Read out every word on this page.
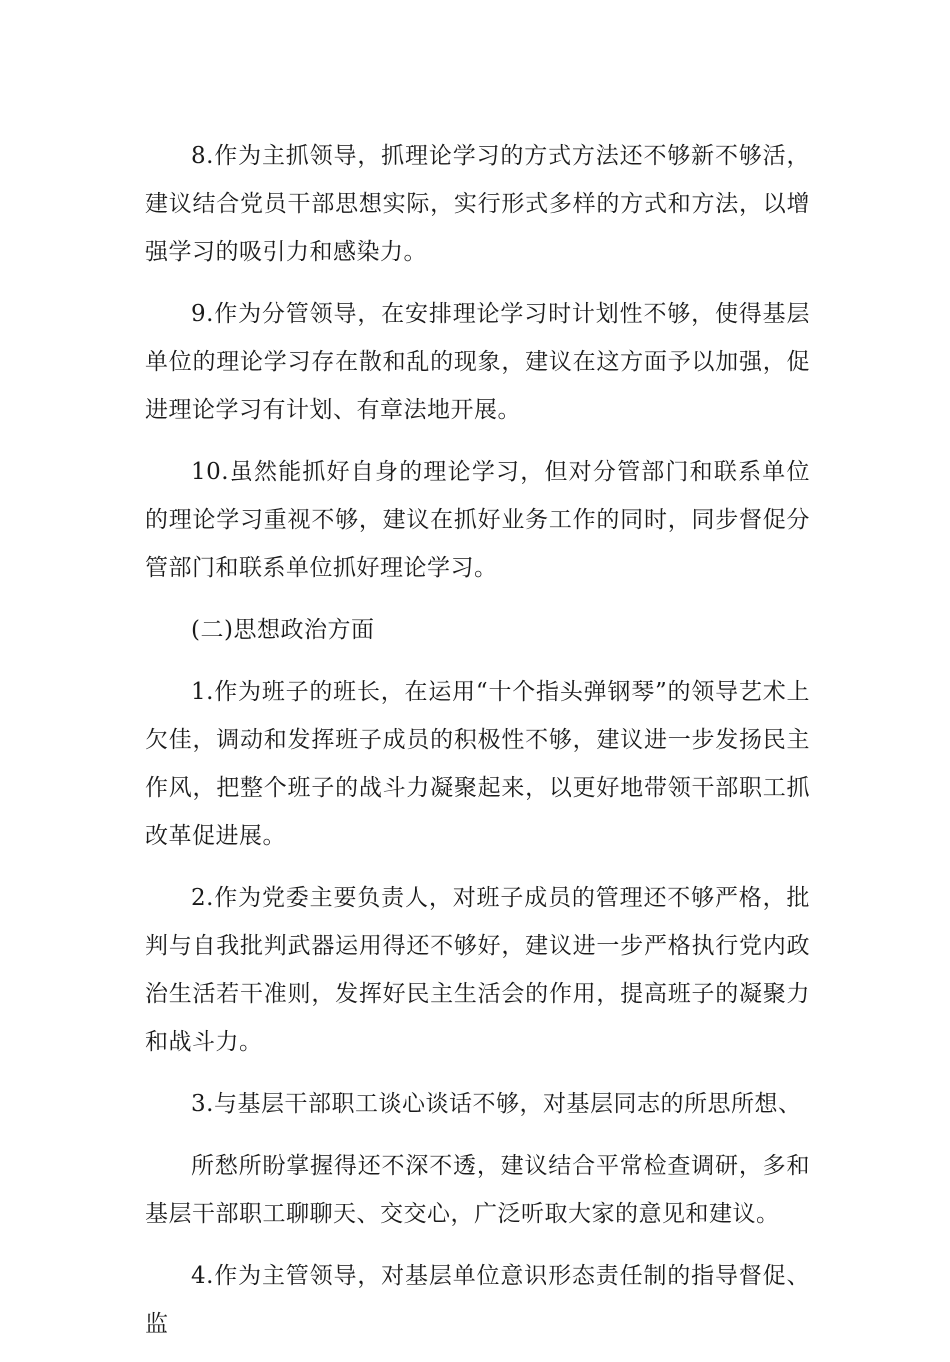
8.作为主抓领导，抓理论学习的方式方法还不够新不够活，建议结合党员干部思想实际，实行形式多样的方式和方法，以增强学习的吸引力和感染力。

9.作为分管领导，在安排理论学习时计划性不够，使得基层单位的理论学习存在散和乱的现象，建议在这方面予以加强，促进理论学习有计划、有章法地开展。

10.虽然能抓好自身的理论学习，但对分管部门和联系单位的理论学习重视不够，建议在抓好业务工作的同时，同步督促分管部门和联系单位抓好理论学习。

(二)思想政治方面

1.作为班子的班长，在运用“十个指头弹钢琴”的领导艺术上欠佳，调动和发挥班子成员的积极性不够，建议进一步发扬民主作风，把整个班子的战斗力凝聚起来，以更好地带领干部职工抓改革促进展。

2.作为党委主要负责人，对班子成员的管理还不够严格，批判与自我批判武器运用得还不够好，建议进一步严格执行党内政治生活若干准则，发挥好民主生活会的作用，提高班子的凝聚力和战斗力。

3.与基层干部职工谈心谈话不够，对基层同志的所思所想、

所愁所盼掌握得还不深不透，建议结合平常检查调研，多和基层干部职工聊聊天、交交心，广泛听取大家的意见和建议。

4.作为主管领导，对基层单位意识形态责任制的指导督促、监
